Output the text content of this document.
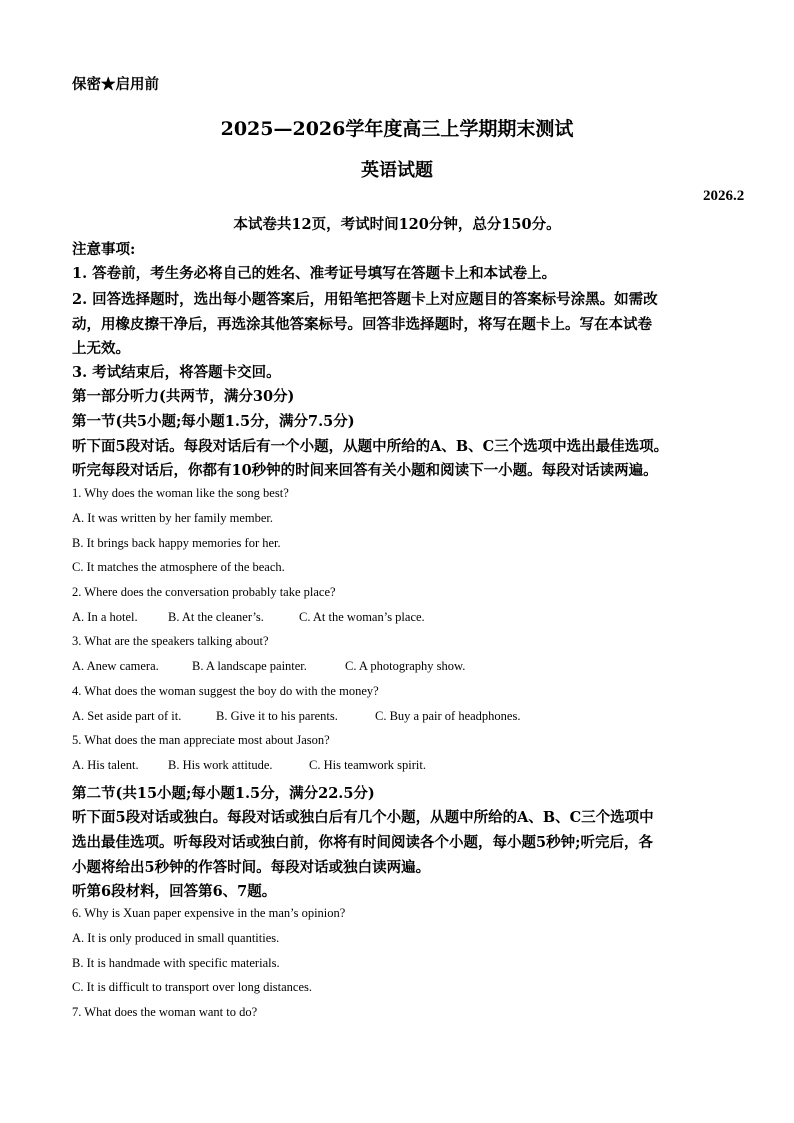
保密★启用前
2025—2026学年度高三上学期期末测试
英语试题
2026.2
本试卷共12页，考试时间120分钟，总分150分。
注意事项:
1. 答卷前，考生务必将自己的姓名、准考证号填写在答题卡上和本试卷上。
2. 回答选择题时，选出每小题答案后，用铅笔把答题卡上对应题目的答案标号涂黑。如需改
动，用橡皮擦干净后，再选涂其他答案标号。回答非选择题时，将写在题卡上。写在本试卷
上无效。
3. 考试结束后，将答题卡交回。
第一部分听力(共两节，满分30分)
第一节(共5小题;每小题1.5分，满分7.5分)
听下面5段对话。每段对话后有一个小题，从题中所给的A、B、C三个选项中选出最佳选项。
听完每段对话后，你都有10秒钟的时间来回答有关小题和阅读下一小题。每段对话读两遍。
1. Why does the woman like the song best?
A. It was written by her family member.
B. It brings back happy memories for her.
C. It matches the atmosphere of the beach.
2. Where does the conversation probably take place?
A. In a hotel. B. At the cleaner’s.	C. At the woman’s place.
3. What are the speakers talking about?
A. Anew camera.	B. A landscape painter.	C. A photography show.
4. What does the woman suggest the boy do with the money?
A. Set aside part of it.	B. Give it to his parents.	C. Buy a pair of headphones.
5. What does the man appreciate most about Jason?
A. His talent. B. His work attitude.	C. His teamwork spirit.
第二节(共15小题;每小题1.5分，满分22.5分)
听下面5段对话或独白。每段对话或独白后有几个小题，从题中所给的A、B、C三个选项中
选出最佳选项。听每段对话或独白前，你将有时间阅读各个小题，每小题5秒钟;听完后，各
小题将给出5秒钟的作答时间。每段对话或独白读两遍。
听第6段材料，回答第6、7题。
6. Why is Xuan paper expensive in the man’s opinion?
A. It is only produced in small quantities.
B. It is handmade with specific materials.
C. It is difficult to transport over long distances.
7. What does the woman want to do?
